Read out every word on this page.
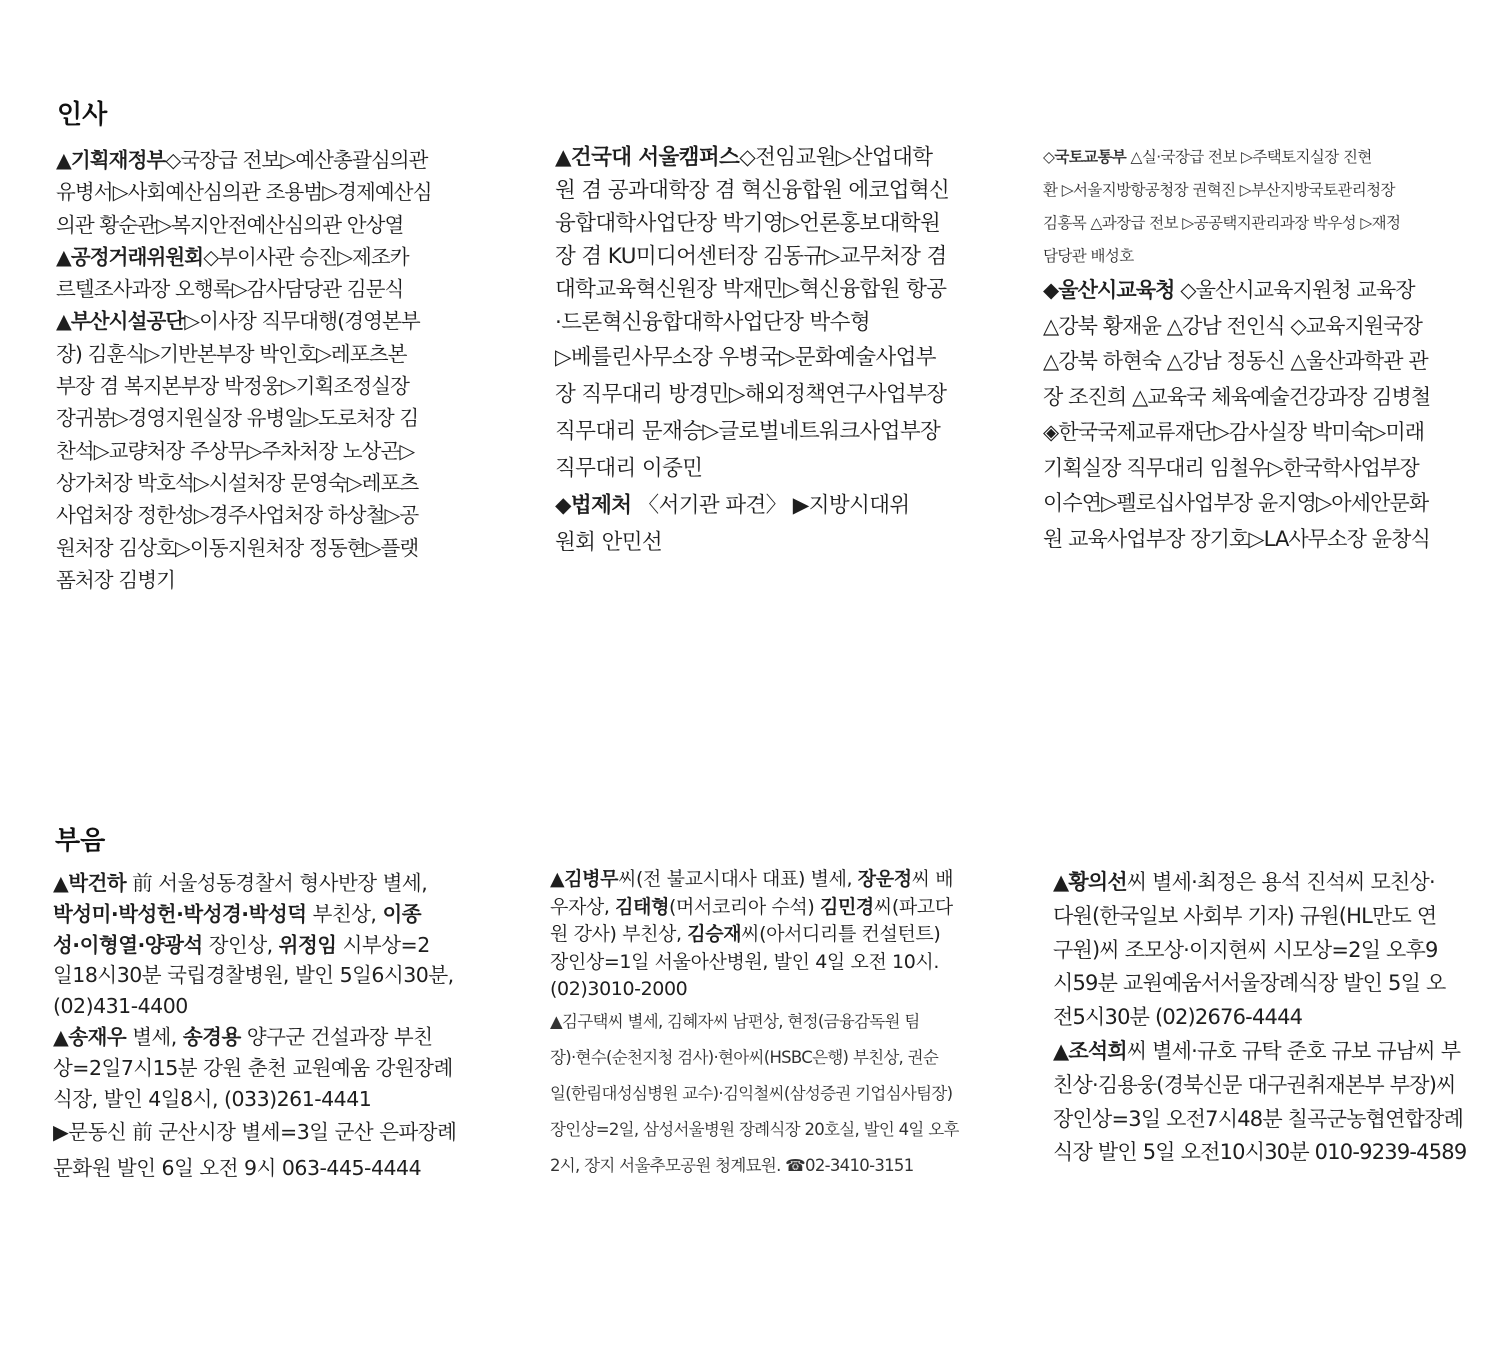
인사

▲기획재정부◇국장급 전보▷예산총괄심의관

유병서▷사회예산심의관 조용범▷경제예산심

의관 황순관▷복지안전예산심의관 안상열

▲공정거래위원회◇부이사관 승진▷제조카

르텔조사과장 오행록▷감사담당관 김문식

▲부산시설공단▷이사장 직무대행(경영본부

장) 김훈식▷기반본부장 박인호▷레포츠본

부장 겸 복지본부장 박정웅▷기획조정실장

장귀봉▷경영지원실장 유병일▷도로처장 김

찬석▷교량처장 주상무▷주차처장 노상곤▷

상가처장 박호석▷시설처장 문영숙▷레포츠

사업처장 정한성▷경주사업처장 하상철▷공

원처장 김상호▷이동지원처장 정동현▷플랫

폼처장 김병기

▲건국대 서울캠퍼스◇전임교원▷산업대학

원 겸 공과대학장 겸 혁신융합원 에코업혁신

융합대학사업단장 박기영▷언론홍보대학원

장 겸 KU미디어센터장 김동규▷교무처장 겸

대학교육혁신원장 박재민▷혁신융합원 항공

·드론혁신융합대학사업단장 박수형

▷베를린사무소장 우병국▷문화예술사업부

장 직무대리 방경민▷해외정책연구사업부장

직무대리 문재승▷글로벌네트워크사업부장

직무대리 이중민

◆법제처 〈서기관 파견〉 ▶지방시대위

원회 안민선

◇국토교통부 △실·국장급 전보 ▷주택토지실장 진현

환 ▷서울지방항공청장 권혁진 ▷부산지방국토관리청장

김홍목 △과장급 전보 ▷공공택지관리과장 박우성 ▷재정

담당관 배성호

◆울산시교육청 ◇울산시교육지원청 교육장

△강북 황재윤 △강남 전인식 ◇교육지원국장

△강북 하현숙 △강남 정동신 △울산과학관 관

장 조진희 △교육국 체육예술건강과장 김병철

◈한국국제교류재단▷감사실장 박미숙▷미래

기획실장 직무대리 임철우▷한국학사업부장

이수연▷펠로십사업부장 윤지영▷아세안문화

원 교육사업부장 장기호▷LA사무소장 윤창식

부음

▲박건하 前 서울성동경찰서 형사반장 별세,

박성미·박성헌·박성경·박성덕 부친상, 이종

성·이형열·양광석 장인상, 위정임 시부상=2

일18시30분 국립경찰병원, 발인 5일6시30분,

(02)431-4400

▲송재우 별세, 송경용 양구군 건설과장 부친

상=2일7시15분 강원 춘천 교원예움 강원장례

식장, 발인 4일8시, (033)261-4441

▶문동신 前 군산시장 별세=3일 군산 은파장례

문화원 발인 6일 오전 9시 063-445-4444

▲김병무씨(전 불교시대사 대표) 별세, 장운정씨 배

우자상, 김태형(머서코리아 수석) 김민경씨(파고다

원 강사) 부친상, 김승재씨(아서디리틀 컨설턴트)

장인상=1일 서울아산병원, 발인 4일 오전 10시.

(02)3010-2000

▲김구택씨 별세, 김혜자씨 남편상, 현정(금융감독원 팀

장)·현수(순천지청 검사)·현아씨(HSBC은행) 부친상, 권순

일(한림대성심병원 교수)·김익철씨(삼성증권 기업심사팀장)

장인상=2일, 삼성서울병원 장례식장 20호실, 발인 4일 오후

2시, 장지 서울추모공원 청계묘원. ☎02-3410-3151

▲황의선씨 별세·최정은 용석 진석씨 모친상·

다원(한국일보 사회부 기자) 규원(HL만도 연

구원)씨 조모상·이지현씨 시모상=2일 오후9

시59분 교원예움서서울장례식장 발인 5일 오

전5시30분 (02)2676-4444

▲조석희씨 별세·규호 규탁 준호 규보 규남씨 부

친상·김용웅(경북신문 대구권취재본부 부장)씨

장인상=3일 오전7시48분 칠곡군농협연합장례

식장 발인 5일 오전10시30분 010-9239-4589
